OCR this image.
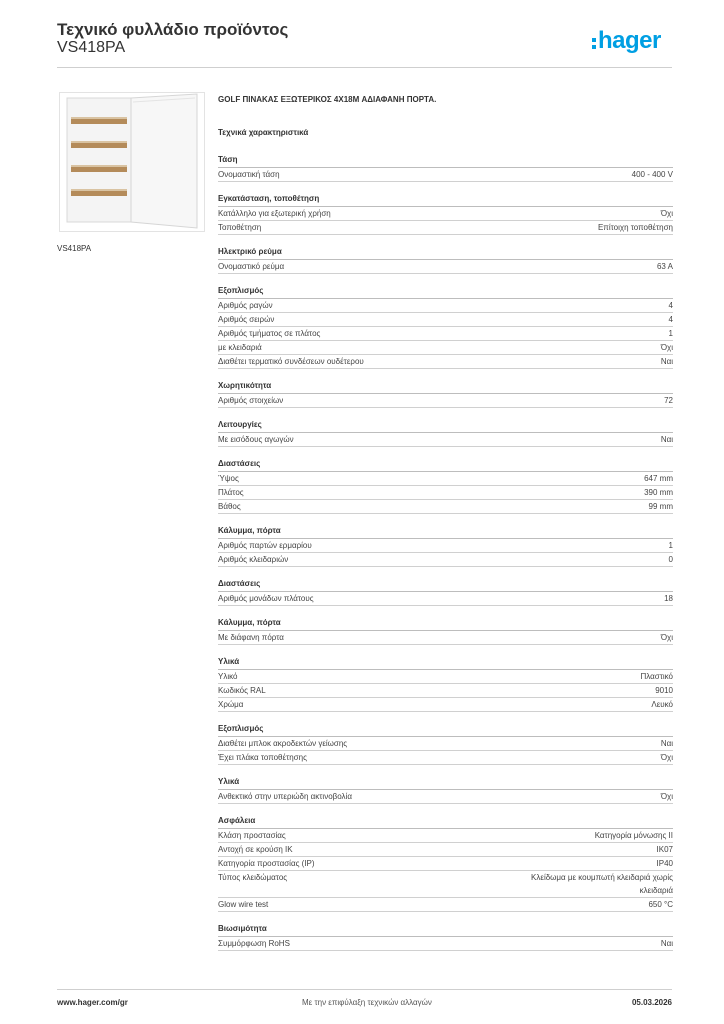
Τεχνικό φυλλάδιο προϊόντος
VS418PA	hager
VS418PA
GOLF ΠΙΝΑΚΑΣ ΕΞΩΤΕΡΙΚΟΣ 4X18M ΑΔΙΑΦΑΝΗ ΠΟΡΤΑ.
Τεχνικά χαρακτηριστικά
Τάση
Ονομαστική τάση	400 - 400 V
Εγκατάσταση, τοποθέτηση
Κατάλληλο για εξωτερική χρήση	Όχι
Τοποθέτηση	Επίτοιχη τοποθέτηση
Ηλεκτρικό ρεύμα
Ονομαστικό ρεύμα	63 A
Εξοπλισμός
Αριθμός ραγών	4
Αριθμός σειρών	4
Αριθμός τμήματος σε πλάτος	1
με κλειδαριά	Όχι
Διαθέτει τερματικό συνδέσεων ουδέτερου	Ναι
Χωρητικότητα
Αριθμός στοιχείων	72
Λειτουργίες
Με εισόδους αγωγών	Ναι
Διαστάσεις
Ύψος	647 mm
Πλάτος	390 mm
Βάθος	99 mm
Κάλυμμα, πόρτα
Αριθμός παρτών ερμαρίου	1
Αριθμός κλειδαριών	0
Διαστάσεις
Αριθμός μονάδων πλάτους	18
Κάλυμμα, πόρτα
Με διάφανη πόρτα	Όχι
Υλικά
Υλικό	Πλαστικό
Κωδικός RAL	9010
Χρώμα	Λευκό
Εξοπλισμός
Διαθέτει μπλοκ ακροδεκτών γείωσης	Ναι
Έχει πλάκα τοποθέτησης	Όχι
Υλικά
Ανθεκτικό στην υπεριώδη ακτινοβολία	Όχι
Ασφάλεια
Κλάση προστασίας	Κατηγορία μόνωσης II
Αντοχή σε κρούση IK	IK07
Κατηγορία προστασίας (IP)	IP40
Τύπος κλειδώματος	Κλείδωμα με κουμπωτή κλειδαριά χωρίς κλειδαριά
Glow wire test	650 °C
Βιωσιμότητα
Συμμόρφωση RoHS	Ναι
www.hager.com/gr	Με την επιφύλαξη τεχνικών αλλαγών	05.03.2026
